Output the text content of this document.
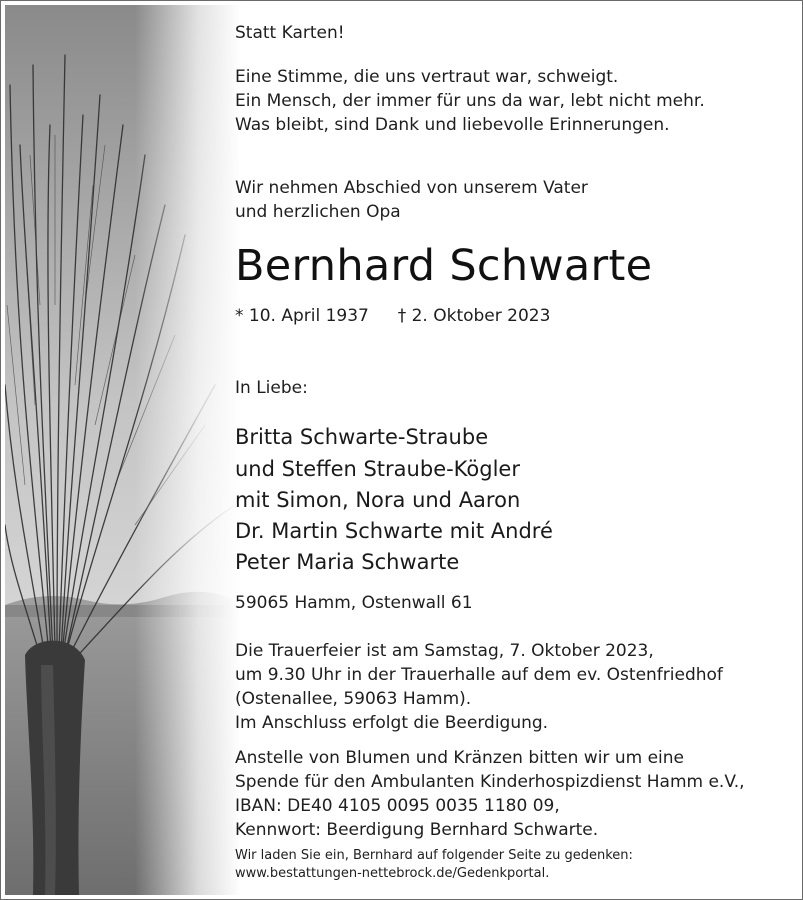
Statt Karten!
Eine Stimme, die uns vertraut war, schweigt.
Ein Mensch, der immer für uns da war, lebt nicht mehr.
Was bleibt, sind Dank und liebevolle Erinnerungen.
Wir nehmen Abschied von unserem Vater
und herzlichen Opa
Bernhard Schwarte
* 10. April 1937 † 2. Oktober 2023
In Liebe:
Britta Schwarte-Straube
und Steffen Straube-Kögler
mit Simon, Nora und Aaron
Dr. Martin Schwarte mit André
Peter Maria Schwarte
59065 Hamm, Ostenwall 61
Die Trauerfeier ist am Samstag, 7. Oktober 2023,
um 9.30 Uhr in der Trauerhalle auf dem ev. Ostenfriedhof
(Ostenallee, 59063 Hamm).
Im Anschluss erfolgt die Beerdigung.
Anstelle von Blumen und Kränzen bitten wir um eine
Spende für den Ambulanten Kinderhospizdienst Hamm e.V.,
IBAN: DE40 4105 0095 0035 1180 09,
Kennwort: Beerdigung Bernhard Schwarte.
Wir laden Sie ein, Bernhard auf folgender Seite zu gedenken:
www.bestattungen-nettebrock.de/Gedenkportal.
